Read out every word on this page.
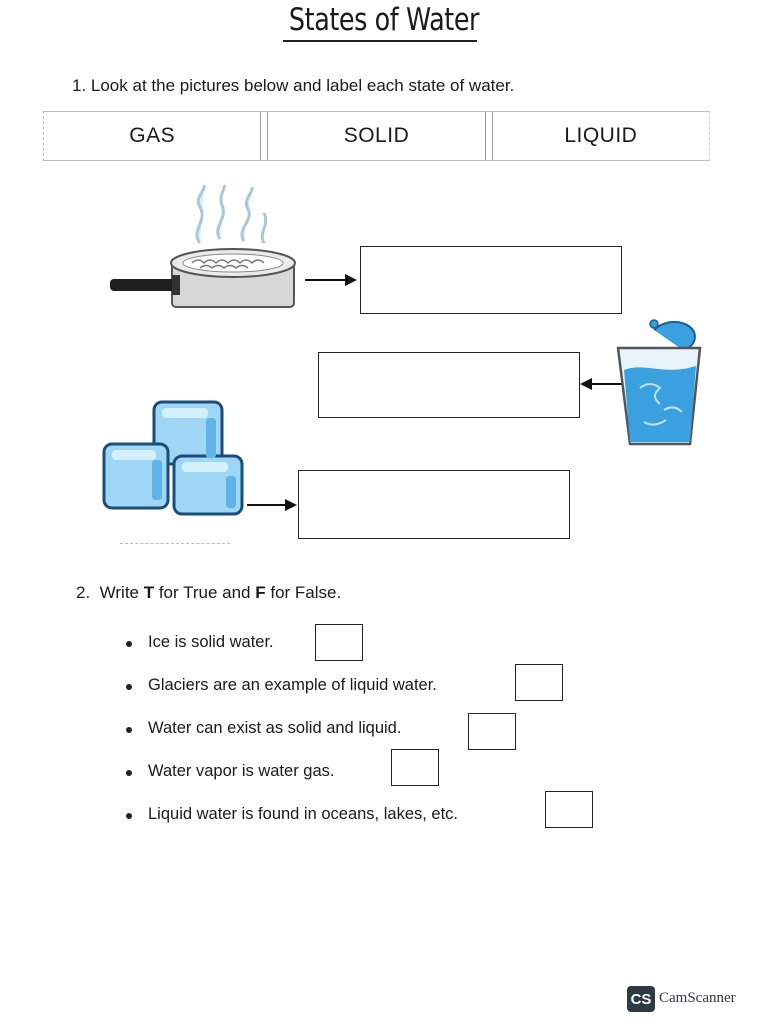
States of Water
1. Look at the pictures below and label each state of water.
GAS	SOLID	LIQUID
2. Write T for True and F for False.
Ice is solid water.
Glaciers are an example of liquid water.
Water can exist as solid and liquid.
Water vapor is water gas.
Liquid water is found in oceans, lakes, etc.
CS CamScanner
